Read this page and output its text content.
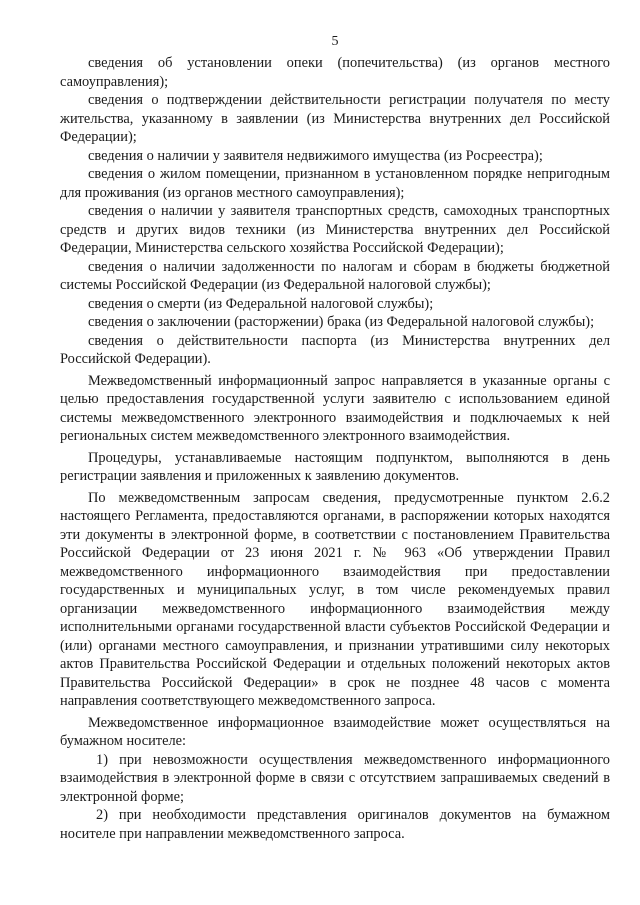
5

сведения об установлении опеки (попечительства) (из органов местного самоуправления);

сведения о подтверждении действительности регистрации получателя по месту жительства, указанному в заявлении (из Министерства внутренних дел Российской Федерации);

сведения о наличии у заявителя недвижимого имущества (из Росреестра);

сведения о жилом помещении, признанном в установленном порядке непригодным для проживания (из органов местного самоуправления);

сведения о наличии у заявителя транспортных средств, самоходных транспортных средств и других видов техники (из Министерства внутренних дел Российской Федерации, Министерства сельского хозяйства Российской Федерации);

сведения о наличии задолженности по налогам и сборам в бюджеты бюджетной системы Российской Федерации (из Федеральной налоговой службы);

сведения о смерти (из Федеральной налоговой службы);

сведения о заключении (расторжении) брака (из Федеральной налоговой службы);

сведения о действительности паспорта (из Министерства внутренних дел Российской Федерации).

Межведомственный информационный запрос направляется в указанные органы с целью предоставления государственной услуги заявителю с использованием единой системы межведомственного электронного взаимодействия и подключаемых к ней региональных систем межведомственного электронного взаимодействия.

Процедуры, устанавливаемые настоящим подпунктом, выполняются в день регистрации заявления и приложенных к заявлению документов.

По межведомственным запросам сведения, предусмотренные пунктом 2.6.2 настоящего Регламента, предоставляются органами, в распоряжении которых находятся эти документы в электронной форме, в соответствии с постановлением Правительства Российской Федерации от 23 июня 2021 г. № 963 «Об утверждении Правил межведомственного информационного взаимодействия при предоставлении государственных и муниципальных услуг, в том числе рекомендуемых правил организации межведомственного информационного взаимодействия между исполнительными органами государственной власти субъектов Российской Федерации и (или) органами местного самоуправления, и признании утратившими силу некоторых актов Правительства Российской Федерации и отдельных положений некоторых актов Правительства Российской Федерации» в срок не позднее 48 часов с момента направления соответствующего межведомственного запроса.

Межведомственное информационное взаимодействие может осуществляться на бумажном носителе:

1) при невозможности осуществления межведомственного информационного взаимодействия в электронной форме в связи с отсутствием запрашиваемых сведений в электронной форме;

2) при необходимости представления оригиналов документов на бумажном носителе при направлении межведомственного запроса.
